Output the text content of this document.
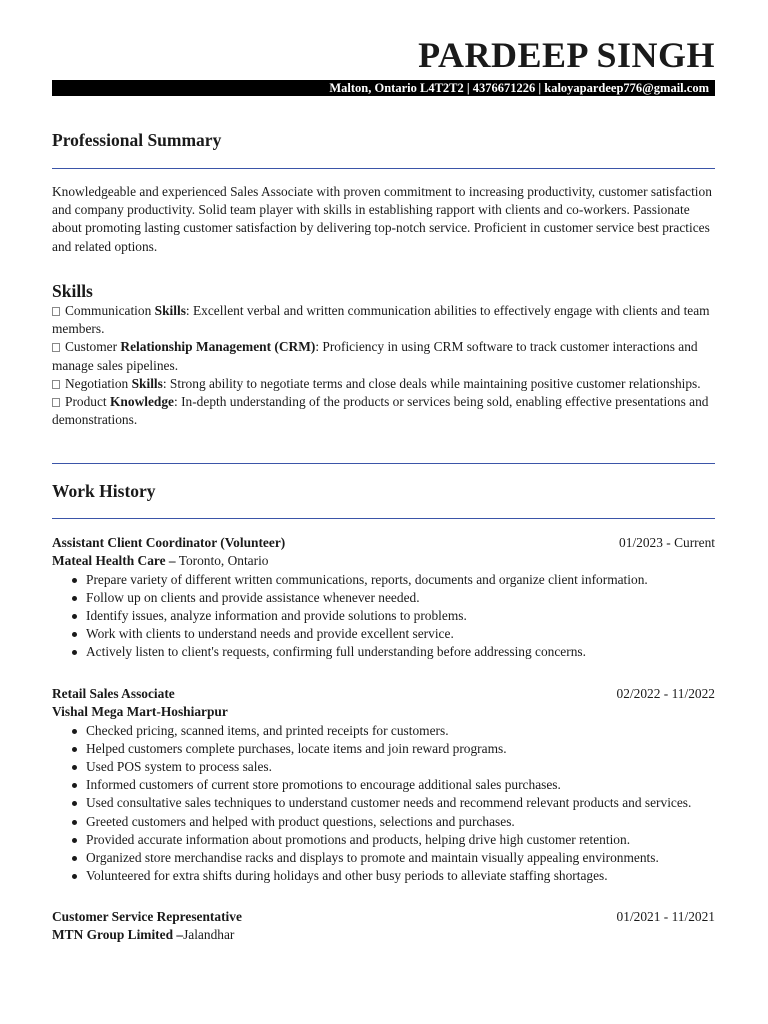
PARDEEP SINGH
Malton, Ontario L4T2T2 | 4376671226 | kaloyapardeep776@gmail.com
Professional Summary

Knowledgeable and experienced Sales Associate with proven commitment to increasing productivity, customer satisfaction and company productivity. Solid team player with skills in establishing rapport with clients and co-workers. Passionate about promoting lasting customer satisfaction by delivering top-notch service. Proficient in customer service best practices and related options.

Skills

Communication Skills: Excellent verbal and written communication abilities to effectively engage with clients and team members.

Customer Relationship Management (CRM): Proficiency in using CRM software to track customer interactions and manage sales pipelines.

Negotiation Skills: Strong ability to negotiate terms and close deals while maintaining positive customer relationships.

Product Knowledge: In-depth understanding of the products or services being sold, enabling effective presentations and demonstrations.

Work History
Assistant Client Coordinator (Volunteer)	01/2023 - Current
Mateal Health Care – Toronto, Ontario
Prepare variety of different written communications, reports, documents and organize client information.
Follow up on clients and provide assistance whenever needed.
Identify issues, analyze information and provide solutions to problems.
Work with clients to understand needs and provide excellent service.
Actively listen to client's requests, confirming full understanding before addressing concerns.
Retail Sales Associate	02/2022 - 11/2022
Vishal Mega Mart-Hoshiarpur
Checked pricing, scanned items, and printed receipts for customers.
Helped customers complete purchases, locate items and join reward programs.
Used POS system to process sales.
Informed customers of current store promotions to encourage additional sales purchases.
Used consultative sales techniques to understand customer needs and recommend relevant products and services.
Greeted customers and helped with product questions, selections and purchases.
Provided accurate information about promotions and products, helping drive high customer retention.
Organized store merchandise racks and displays to promote and maintain visually appealing environments.
Volunteered for extra shifts during holidays and other busy periods to alleviate staffing shortages.
Customer Service Representative	01/2021 - 11/2021
MTN Group Limited –Jalandhar
